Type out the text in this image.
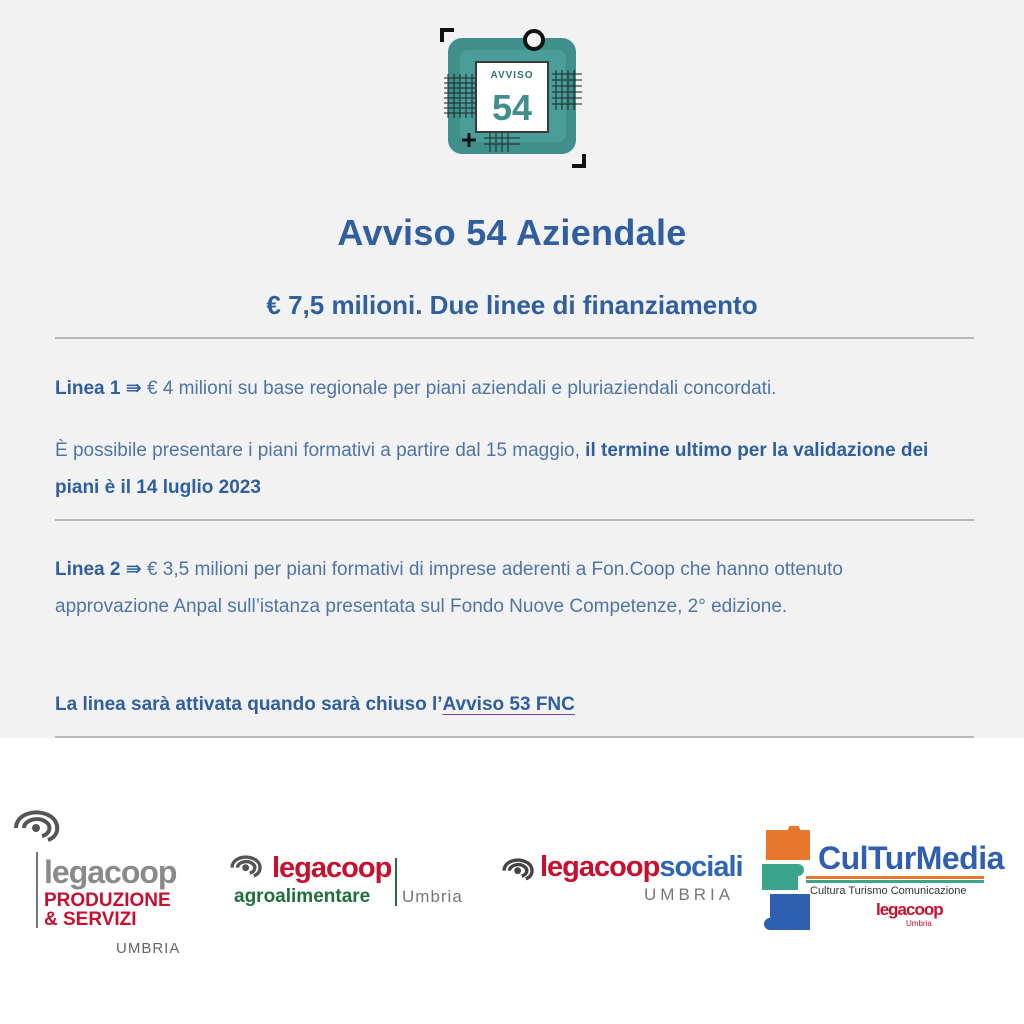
AVVISO
54
Avviso 54 Aziendale
€ 7,5 milioni. Due linee di finanziamento
Linea 1 ⇛ € 4 milioni su base regionale per piani aziendali e pluriaziendali concordati.
È possibile presentare i piani formativi a partire dal 15 maggio, il termine ultimo per la validazione dei piani è il 14 luglio 2023
Linea 2 ⇛ € 3,5 milioni per piani formativi di imprese aderenti a Fon.Coop che hanno ottenuto approvazione Anpal sull’istanza presentata sul Fondo Nuove Competenze, 2° edizione.
La linea sarà attivata quando sarà chiuso l’Avviso 53 FNC
legacoop
PRODUZIONE
& SERVIZI
UMBRIA
legacoop
agroalimentare Umbria
legacoopsociali
UMBRIA
CulTurMedia
Cultura Turismo Comunicazione
legacoop
Umbria
